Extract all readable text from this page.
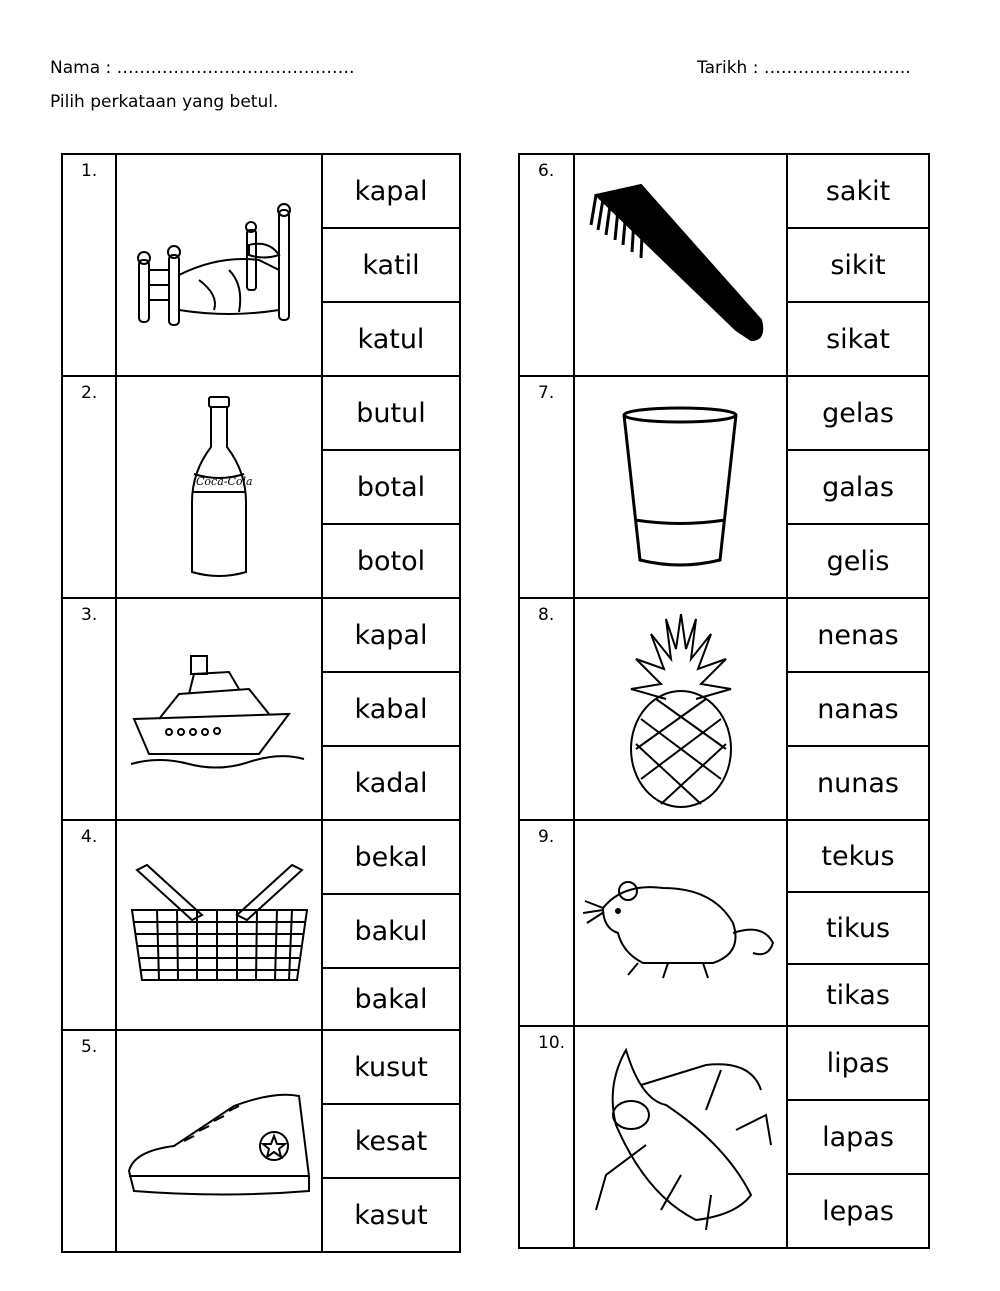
Nama : ……………………………………	Tarikh : ……………………..
Pilih perkataan yang betul.
1.		kapal
		katil
		katul
2.	Coca-Cola	butul
		botal
		botol
3.		kapal
		kabal
		kadal
4.		bekal
		bakul
		bakal
5.		kusut
		kesat
		kasut
6.		sakit
		sikit
		sikat
7.		gelas
		galas
		gelis
8.		nenas
		nanas
		nunas
9.		tekus
		tikus
		tikas
10.		lipas
		lapas
		lepas
